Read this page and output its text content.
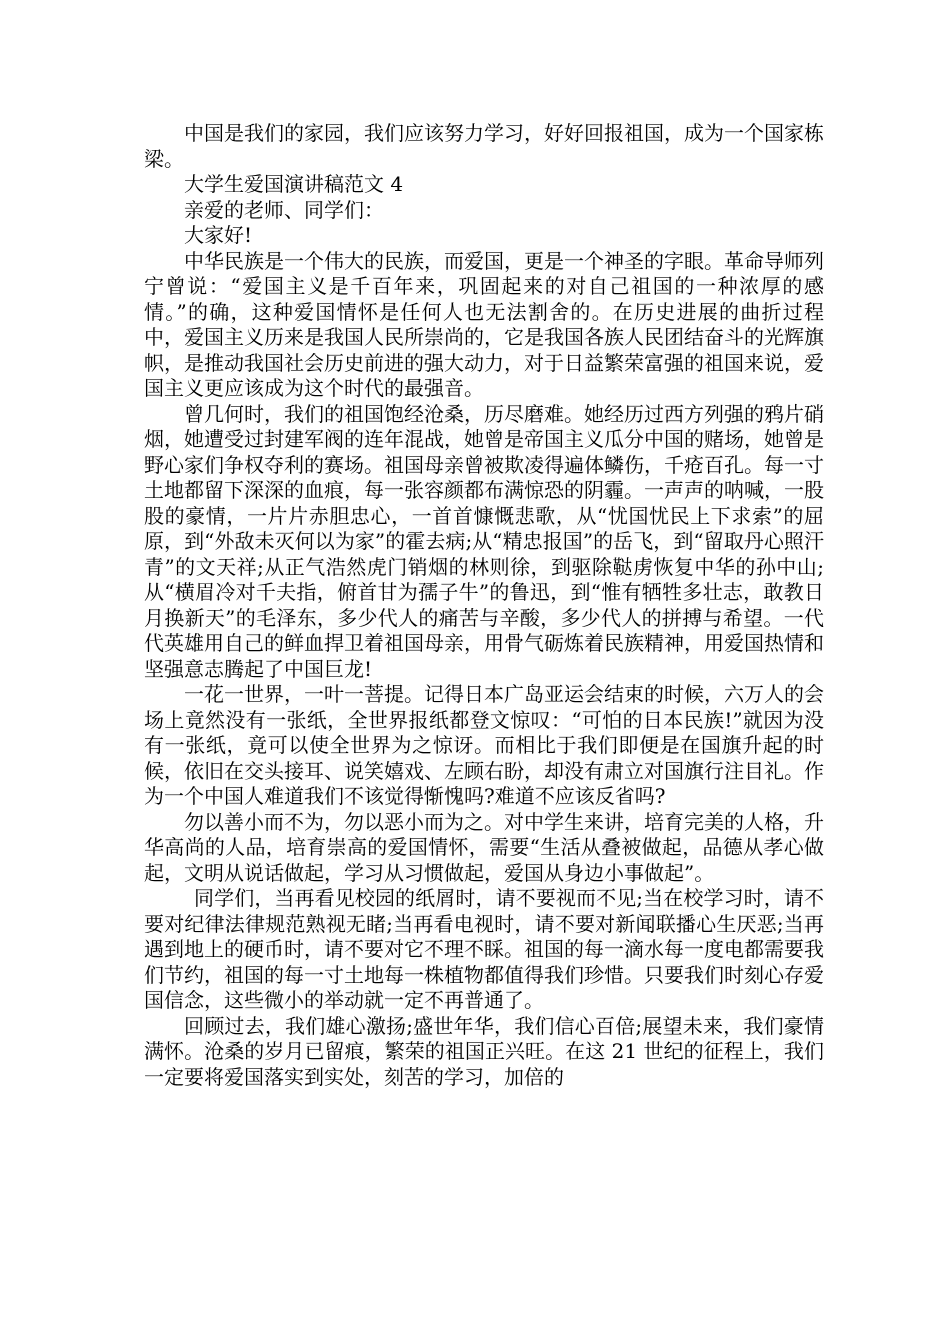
中国是我们的家园，我们应该努力学习，好好回报祖国，成为一个国家栋梁。

大学生爱国演讲稿范文 4

亲爱的老师、同学们：

大家好!

中华民族是一个伟大的民族，而爱国，更是一个神圣的字眼。革命导师列宁曾说：“爱国主义是千百年来，巩固起来的对自己祖国的一种浓厚的感情。”的确，这种爱国情怀是任何人也无法割舍的。在历史进展的曲折过程中，爱国主义历来是我国人民所崇尚的，它是我国各族人民团结奋斗的光辉旗帜，是推动我国社会历史前进的强大动力，对于日益繁荣富强的祖国来说，爱国主义更应该成为这个时代的最强音。

曾几何时，我们的祖国饱经沧桑，历尽磨难。她经历过西方列强的鸦片硝烟，她遭受过封建军阀的连年混战，她曾是帝国主义瓜分中国的赌场，她曾是野心家们争权夺利的赛场。祖国母亲曾被欺凌得遍体鳞伤，千疮百孔。每一寸土地都留下深深的血痕，每一张容颜都布满惊恐的阴霾。一声声的呐喊，一股股的豪情，一片片赤胆忠心，一首首慷慨悲歌，从“忧国忧民上下求索”的屈原，到“外敌未灭何以为家”的霍去病;从“精忠报国”的岳飞，到“留取丹心照汗青”的文天祥;从正气浩然虎门销烟的林则徐，到驱除鞑虏恢复中华的孙中山;从“横眉冷对千夫指，俯首甘为孺子牛”的鲁迅，到“惟有牺牲多壮志，敢教日月换新天”的毛泽东，多少代人的痛苦与辛酸，多少代人的拼搏与希望。一代代英雄用自己的鲜血捍卫着祖国母亲，用骨气砺炼着民族精神，用爱国热情和坚强意志腾起了中国巨龙!

一花一世界，一叶一菩提。记得日本广岛亚运会结束的时候，六万人的会场上竟然没有一张纸，全世界报纸都登文惊叹：“可怕的日本民族!”就因为没有一张纸，竟可以使全世界为之惊讶。而相比于我们即便是在国旗升起的时候，依旧在交头接耳、说笑嬉戏、左顾右盼，却没有肃立对国旗行注目礼。作为一个中国人难道我们不该觉得惭愧吗?难道不应该反省吗?

勿以善小而不为，勿以恶小而为之。对中学生来讲，培育完美的人格，升华高尚的人品，培育崇高的爱国情怀，需要“生活从叠被做起，品德从孝心做起，文明从说话做起，学习从习惯做起，爱国从身边小事做起”。

同学们，当再看见校园的纸屑时，请不要视而不见;当在校学习时，请不要对纪律法律规范熟视无睹;当再看电视时，请不要对新闻联播心生厌恶;当再遇到地上的硬币时，请不要对它不理不睬。祖国的每一滴水每一度电都需要我们节约，祖国的每一寸土地每一株植物都值得我们珍惜。只要我们时刻心存爱国信念，这些微小的举动就一定不再普通了。

回顾过去，我们雄心激扬;盛世年华，我们信心百倍;展望未来，我们豪情满怀。沧桑的岁月已留痕，繁荣的祖国正兴旺。在这 21 世纪的征程上，我们一定要将爱国落实到实处，刻苦的学习，加倍的
